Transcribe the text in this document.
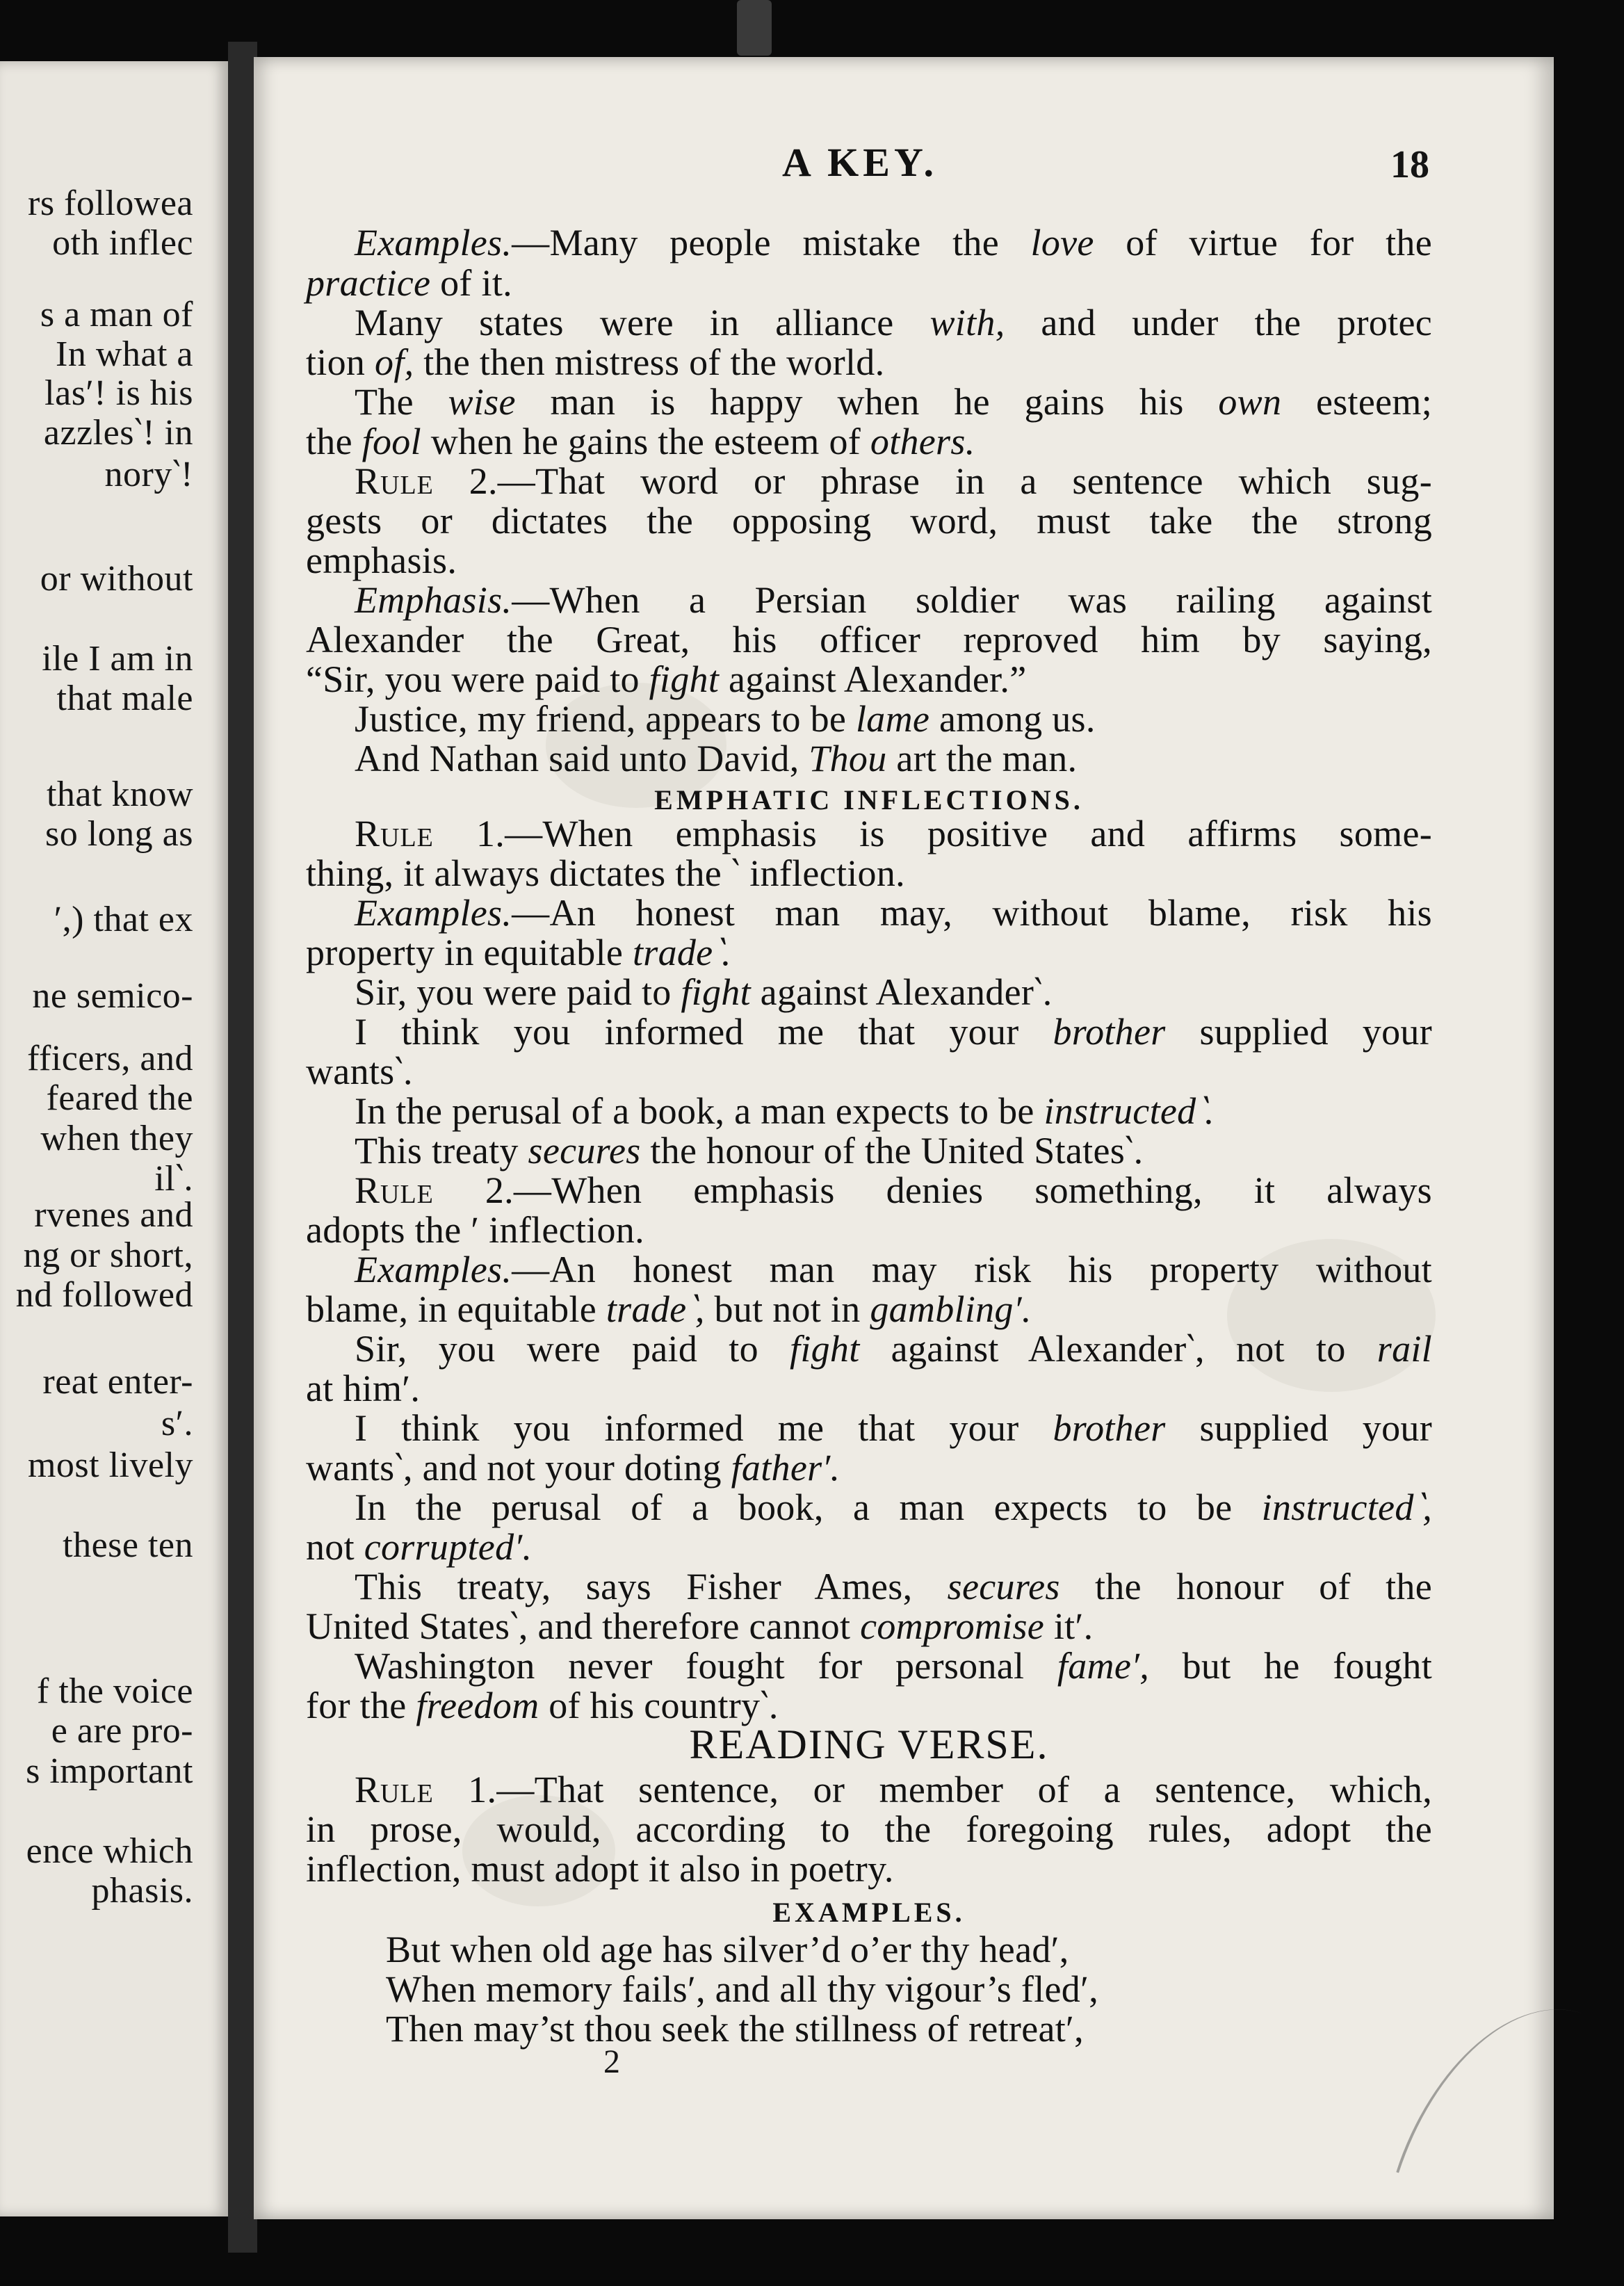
rs followea
oth inflec
s a man of
In what a
las′! is his
azzles‵! in
nory‵!
or without
ile I am in
that male
that know
so long as
′,) that ex
ne semico-
fficers, and
feared the
when they
il‵.
rvenes and
ng or short,
nd followed
reat enter-
s′.
most lively
these ten
f the voice
e are pro-
s important
ence which
phasis.
A KEY.	18
Examples.—Many people mistake the love of virtue for the
practice of it.
Many states were in alliance with, and under the protec
tion of, the then mistress of the world.
The wise man is happy when he gains his own esteem;
the fool when he gains the esteem of others.
Rule 2.—That word or phrase in a sentence which sug-
gests or dictates the opposing word, must take the strong
emphasis.
Emphasis.—When a Persian soldier was railing against
Alexander the Great, his officer reproved him by saying,
“Sir, you were paid to fight against Alexander.”
Justice, my friend, appears to be lame among us.
And Nathan said unto David, Thou art the man.
EMPHATIC INFLECTIONS.
Rule 1.—When emphasis is positive and affirms some-
thing, it always dictates the ‵ inflection.
Examples.—An honest man may, without blame, risk his
property in equitable trade‵.
Sir, you were paid to fight against Alexander‵.
I think you informed me that your brother supplied your
wants‵.
In the perusal of a book, a man expects to be instructed‵.
This treaty secures the honour of the United States‵.
Rule 2.—When emphasis denies something, it always
adopts the ′ inflection.
Examples.—An honest man may risk his property without
blame, in equitable trade‵, but not in gambling′.
Sir, you were paid to fight against Alexander‵, not to rail
at him′.
I think you informed me that your brother supplied your
wants‵, and not your doting father′.
In the perusal of a book, a man expects to be instructed‵,
not corrupted′.
This treaty, says Fisher Ames, secures the honour of the
United States‵, and therefore cannot compromise it′.
Washington never fought for personal fame′, but he fought
for the freedom of his country‵.
READING VERSE.
Rule 1.—That sentence, or member of a sentence, which,
in prose, would, according to the foregoing rules, adopt the
inflection, must adopt it also in poetry.
EXAMPLES.
But when old age has silver’d o’er thy head′,
When memory fails′, and all thy vigour’s fled′,
Then may’st thou seek the stillness of retreat′,
2
